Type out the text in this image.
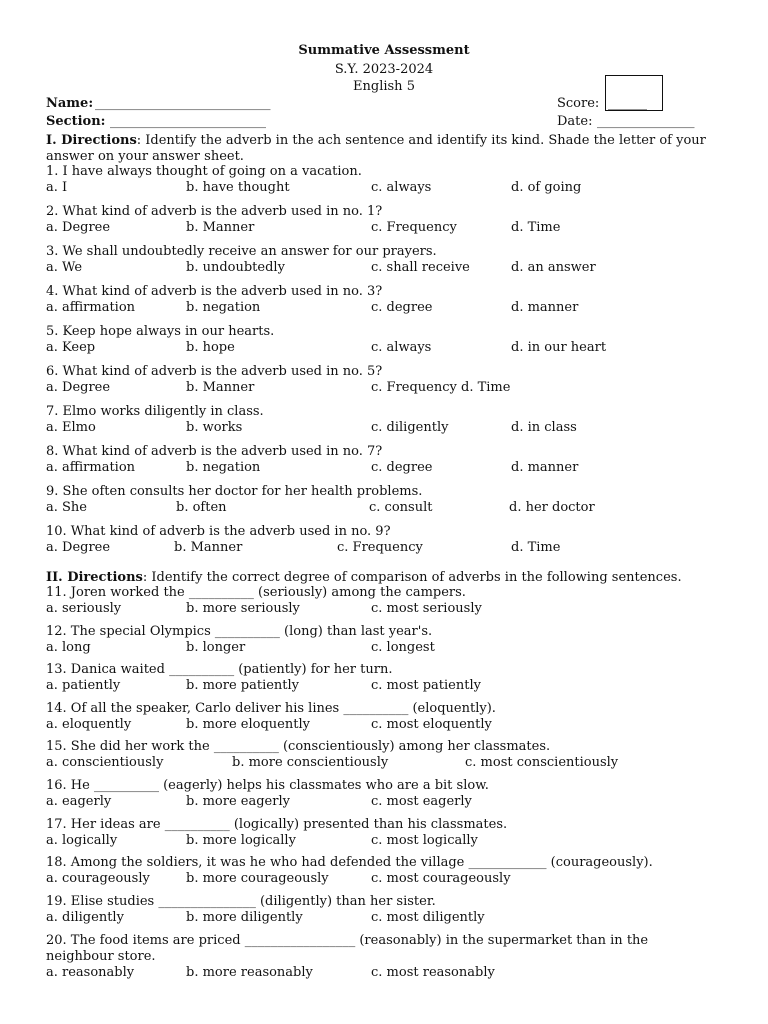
Summative Assessment
S.Y. 2023-2024
English 5
Name: ___________________________
Section: ________________________
Score: ______
Date: _______________
I. Directions: Identify the adverb in the ach sentence and identify its kind. Shade the letter of your answer on your answer sheet.
1. I have always thought of going on a vacation.
a. I	b. have thought	c. always	d. of going
2. What kind of adverb is the adverb used in no. 1?
a. Degree	b. Manner	c. Frequency	d. Time
3. We shall undoubtedly receive an answer for our prayers.
a. We	b. undoubtedly	c. shall receive	d. an answer
4. What kind of adverb is the adverb used in no. 3?
a. affirmation	b. negation	c. degree	d. manner
5. Keep hope always in our hearts.
a. Keep	b. hope	c. always	d. in our heart
6. What kind of adverb is the adverb used in no. 5?
a. Degree	b. Manner	c. Frequency d. Time
7. Elmo works diligently in class.
a. Elmo	b. works	c. diligently	d. in class
8. What kind of adverb is the adverb used in no. 7?
a. affirmation	b. negation	c. degree	d. manner
9. She often consults her doctor for her health problems.
a. She	b. often	c. consult	d. her doctor
10. What kind of adverb is the adverb used in no. 9?
a. Degree	b. Manner	c. Frequency	d. Time
II. Directions: Identify the correct degree of comparison of adverbs in the following sentences.
11. Joren worked the __________ (seriously) among the campers.
a. seriously	b. more seriously	c. most seriously
12. The special Olympics __________ (long) than last year's.
a. long	b. longer	c. longest
13. Danica waited __________ (patiently) for her turn.
a. patiently	b. more patiently	c. most patiently
14. Of all the speaker, Carlo deliver his lines __________ (eloquently).
a. eloquently	b. more eloquently	c. most eloquently
15. She did her work the __________ (conscientiously) among her classmates.
a. conscientiously	b. more conscientiously	c. most conscientiously
16. He __________ (eagerly) helps his classmates who are a bit slow.
a. eagerly	b. more eagerly	c. most eagerly
17. Her ideas are __________ (logically) presented than his classmates.
a. logically	b. more logically	c. most logically
18. Among the soldiers, it was he who had defended the village ____________ (courageously).
a. courageously	b. more courageously	c. most courageously
19. Elise studies _______________ (diligently) than her sister.
a. diligently	b. more diligently	c. most diligently
20. The food items are priced _________________ (reasonably) in the supermarket than in the neighbour store.
a. reasonably	b. more reasonably	c. most reasonably
